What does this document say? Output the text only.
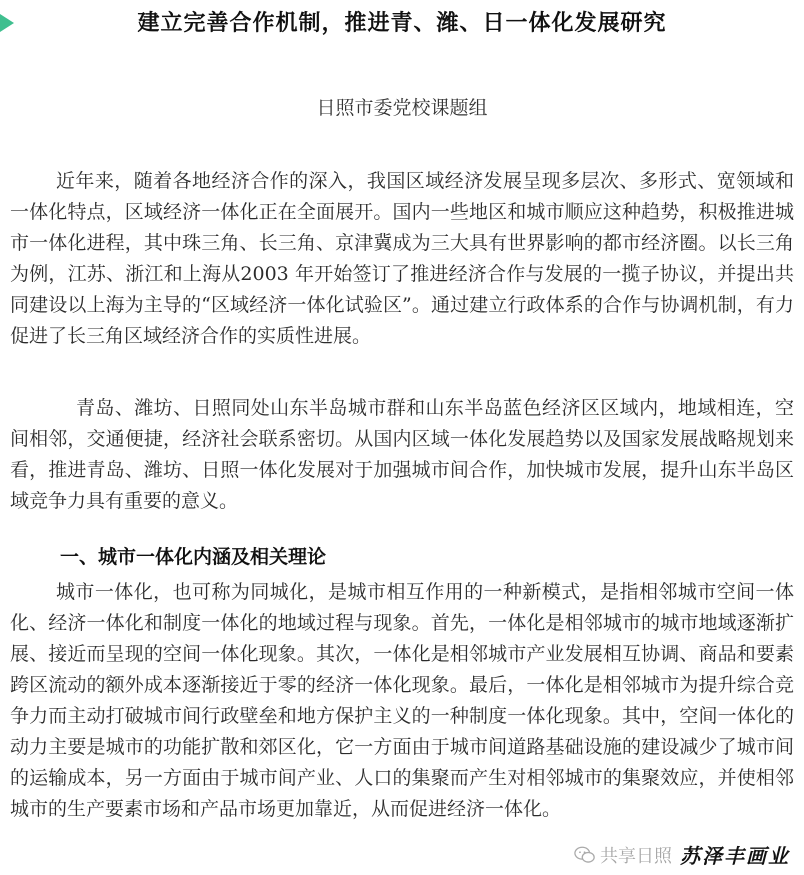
建立完善合作机制，推进青、潍、日一体化发展研究
日照市委党校课题组

近年来，随着各地经济合作的深入，我国区域经济发展呈现多层次、多形式、宽领域和一体化特点，区域经济一体化正在全面展开。国内一些地区和城市顺应这种趋势，积极推进城市一体化进程，其中珠三角、长三角、京津冀成为三大具有世界影响的都市经济圈。以长三角为例，江苏、浙江和上海从2003 年开始签订了推进经济合作与发展的一揽子协议，并提出共同建设以上海为主导的“区域经济一体化试验区”。通过建立行政体系的合作与协调机制，有力促进了长三角区域经济合作的实质性进展。

青岛、潍坊、日照同处山东半岛城市群和山东半岛蓝色经济区区域内，地域相连，空间相邻，交通便捷，经济社会联系密切。从国内区域一体化发展趋势以及国家发展战略规划来看，推进青岛、潍坊、日照一体化发展对于加强城市间合作，加快城市发展，提升山东半岛区域竞争力具有重要的意义。

一、城市一体化内涵及相关理论

城市一体化，也可称为同城化，是城市相互作用的一种新模式，是指相邻城市空间一体化、经济一体化和制度一体化的地域过程与现象。首先，一体化是相邻城市的城市地域逐渐扩展、接近而呈现的空间一体化现象。其次，一体化是相邻城市产业发展相互协调、商品和要素跨区流动的额外成本逐渐接近于零的经济一体化现象。最后，一体化是相邻城市为提升综合竞争力而主动打破城市间行政壁垒和地方保护主义的一种制度一体化现象。其中，空间一体化的动力主要是城市的功能扩散和郊区化，它一方面由于城市间道路基础设施的建设减少了城市间的运输成本，另一方面由于城市间产业、人口的集聚而产生对相邻城市的集聚效应，并使相邻城市的生产要素市场和产品市场更加靠近，从而促进经济一体化。

共享日照 苏泽丰画业
